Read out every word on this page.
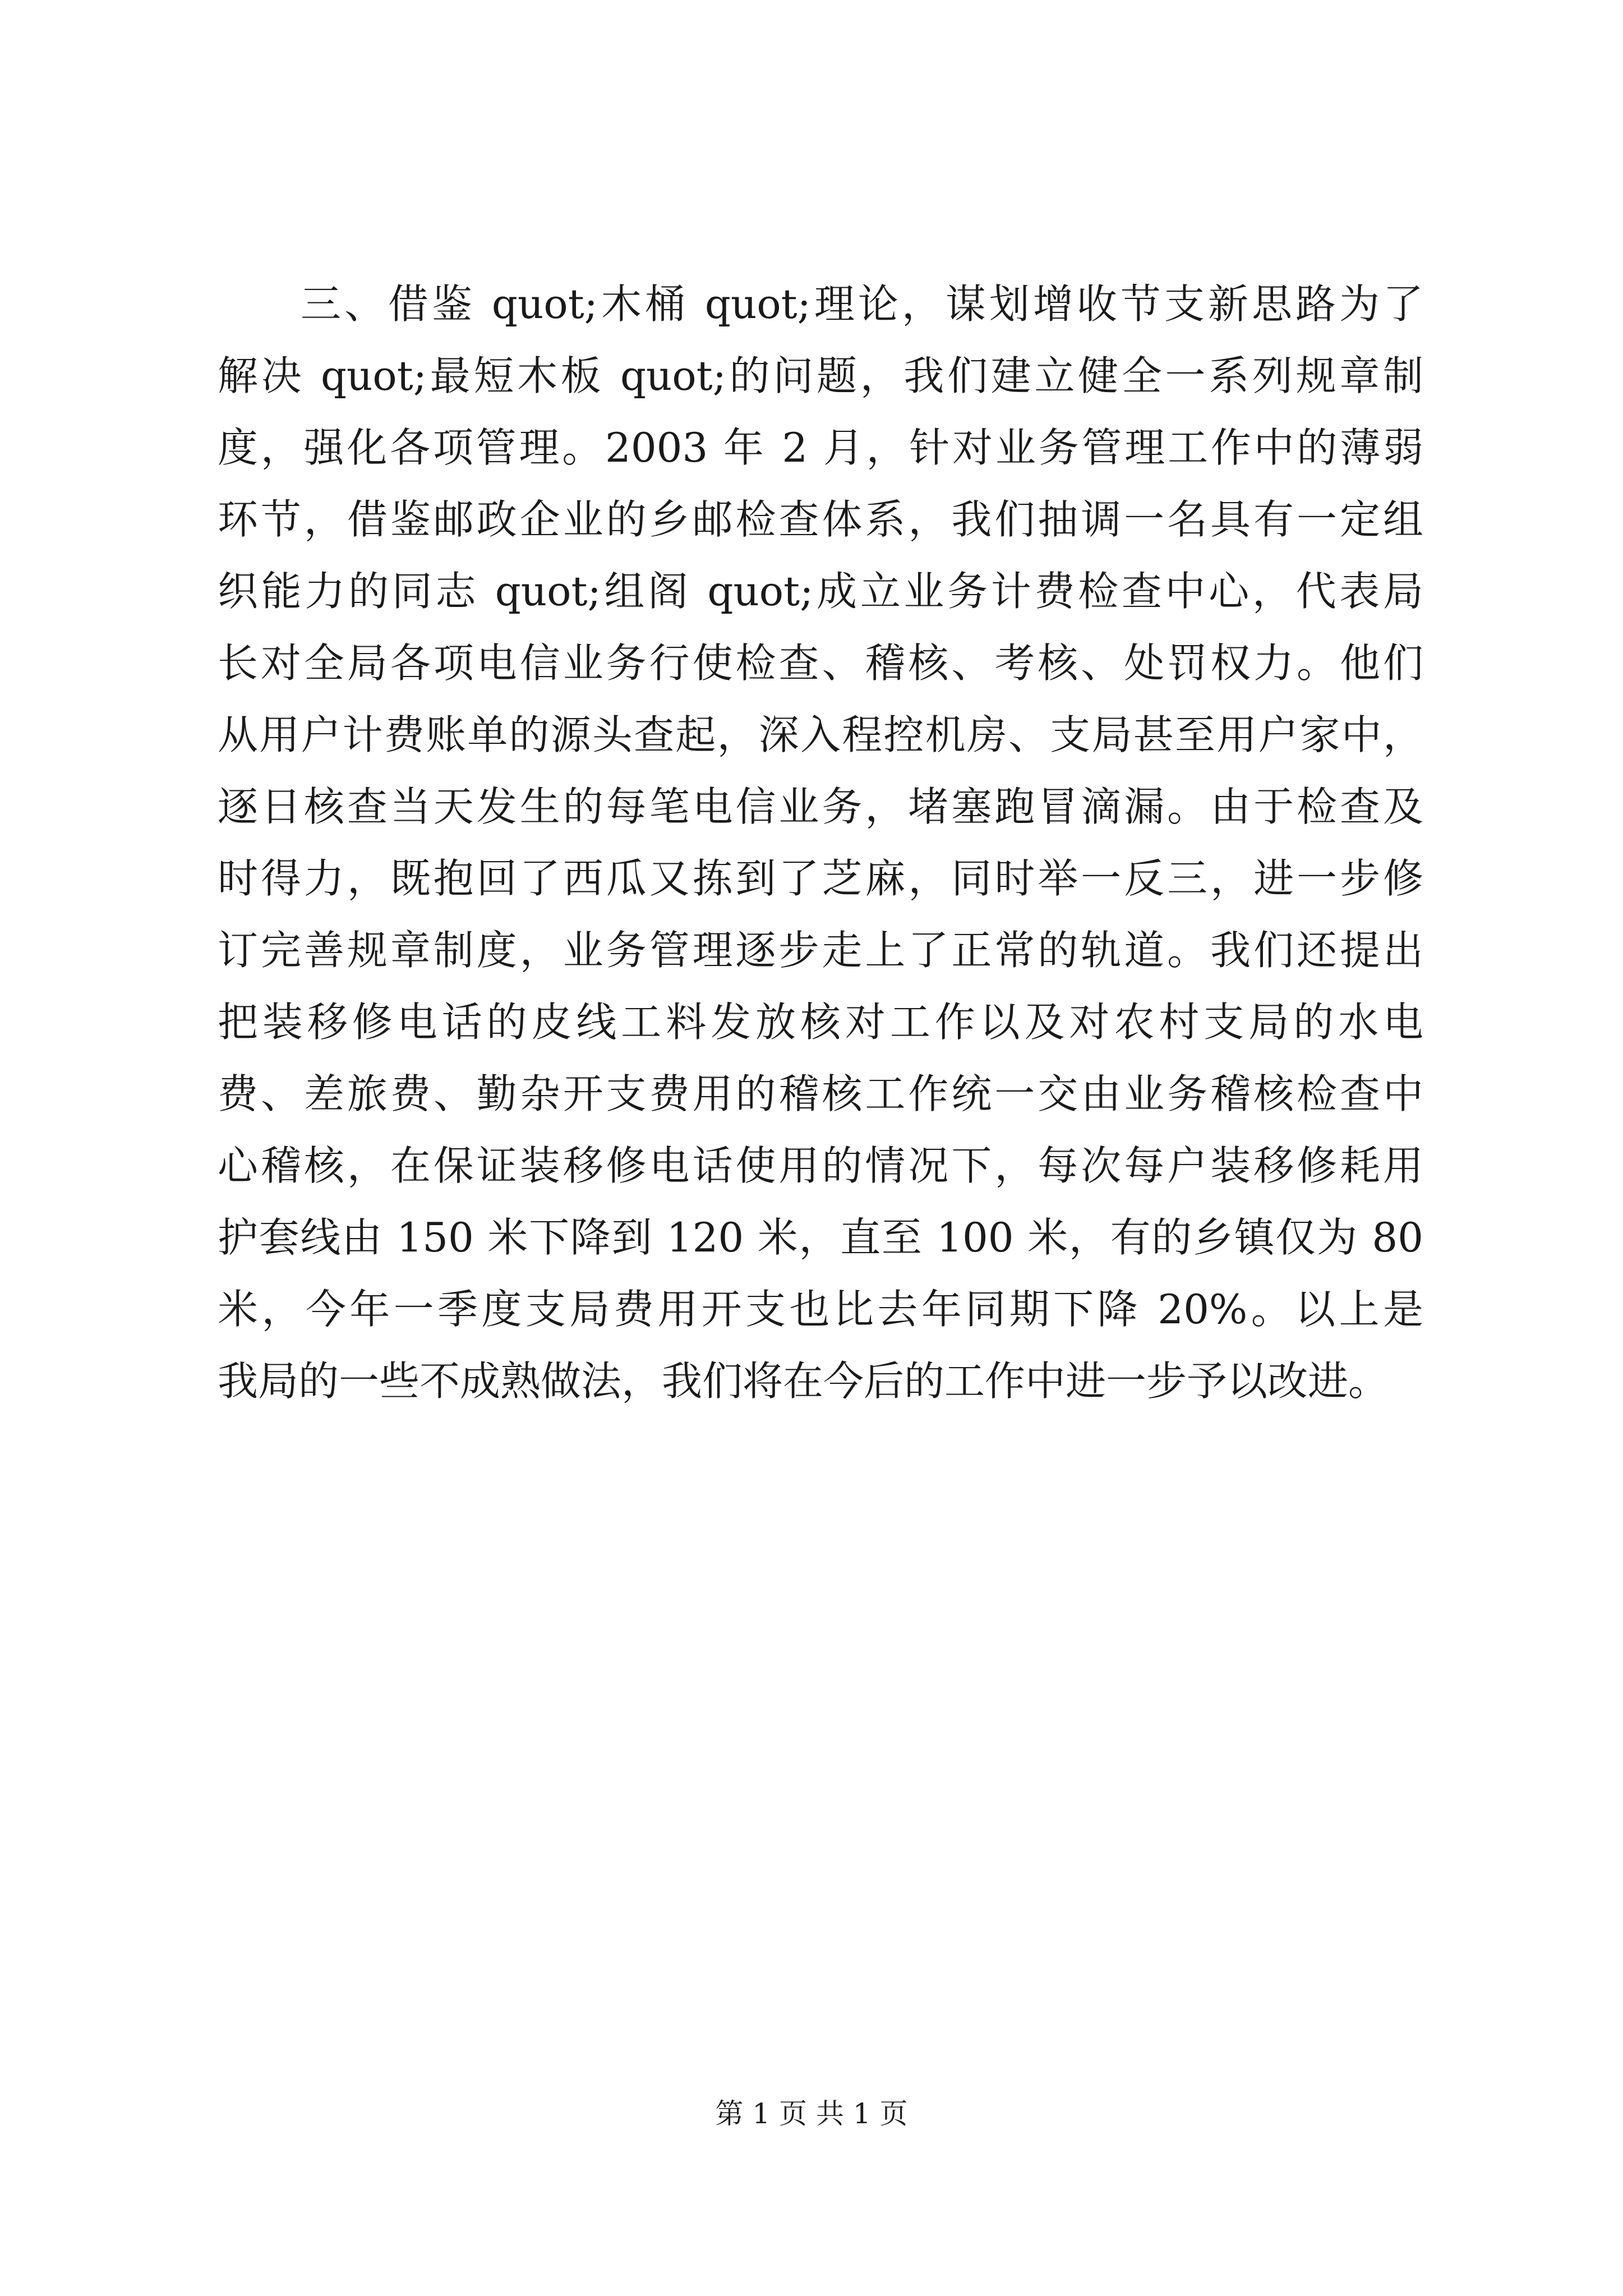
三、借鉴 quot;木桶 quot;理论，谋划增收节支新思路为了
解决 quot;最短木板 quot;的问题，我们建立健全一系列规章制
度，强化各项管理。2003 年 2 月，针对业务管理工作中的薄弱
环节，借鉴邮政企业的乡邮检查体系，我们抽调一名具有一定组
织能力的同志 quot;组阁 quot;成立业务计费检查中心，代表局
长对全局各项电信业务行使检查、稽核、考核、处罚权力。他们
从用户计费账单的源头查起，深入程控机房、支局甚至用户家中，
逐日核查当天发生的每笔电信业务，堵塞跑冒滴漏。由于检查及
时得力，既抱回了西瓜又拣到了芝麻，同时举一反三，进一步修
订完善规章制度，业务管理逐步走上了正常的轨道。我们还提出
把装移修电话的皮线工料发放核对工作以及对农村支局的水电
费、差旅费、勤杂开支费用的稽核工作统一交由业务稽核检查中
心稽核，在保证装移修电话使用的情况下，每次每户装移修耗用
护套线由 150 米下降到 120 米，直至 100 米，有的乡镇仅为 80
米，今年一季度支局费用开支也比去年同期下降 20%。以上是
我局的一些不成熟做法，我们将在今后的工作中进一步予以改进。
第 1 页 共 1 页
